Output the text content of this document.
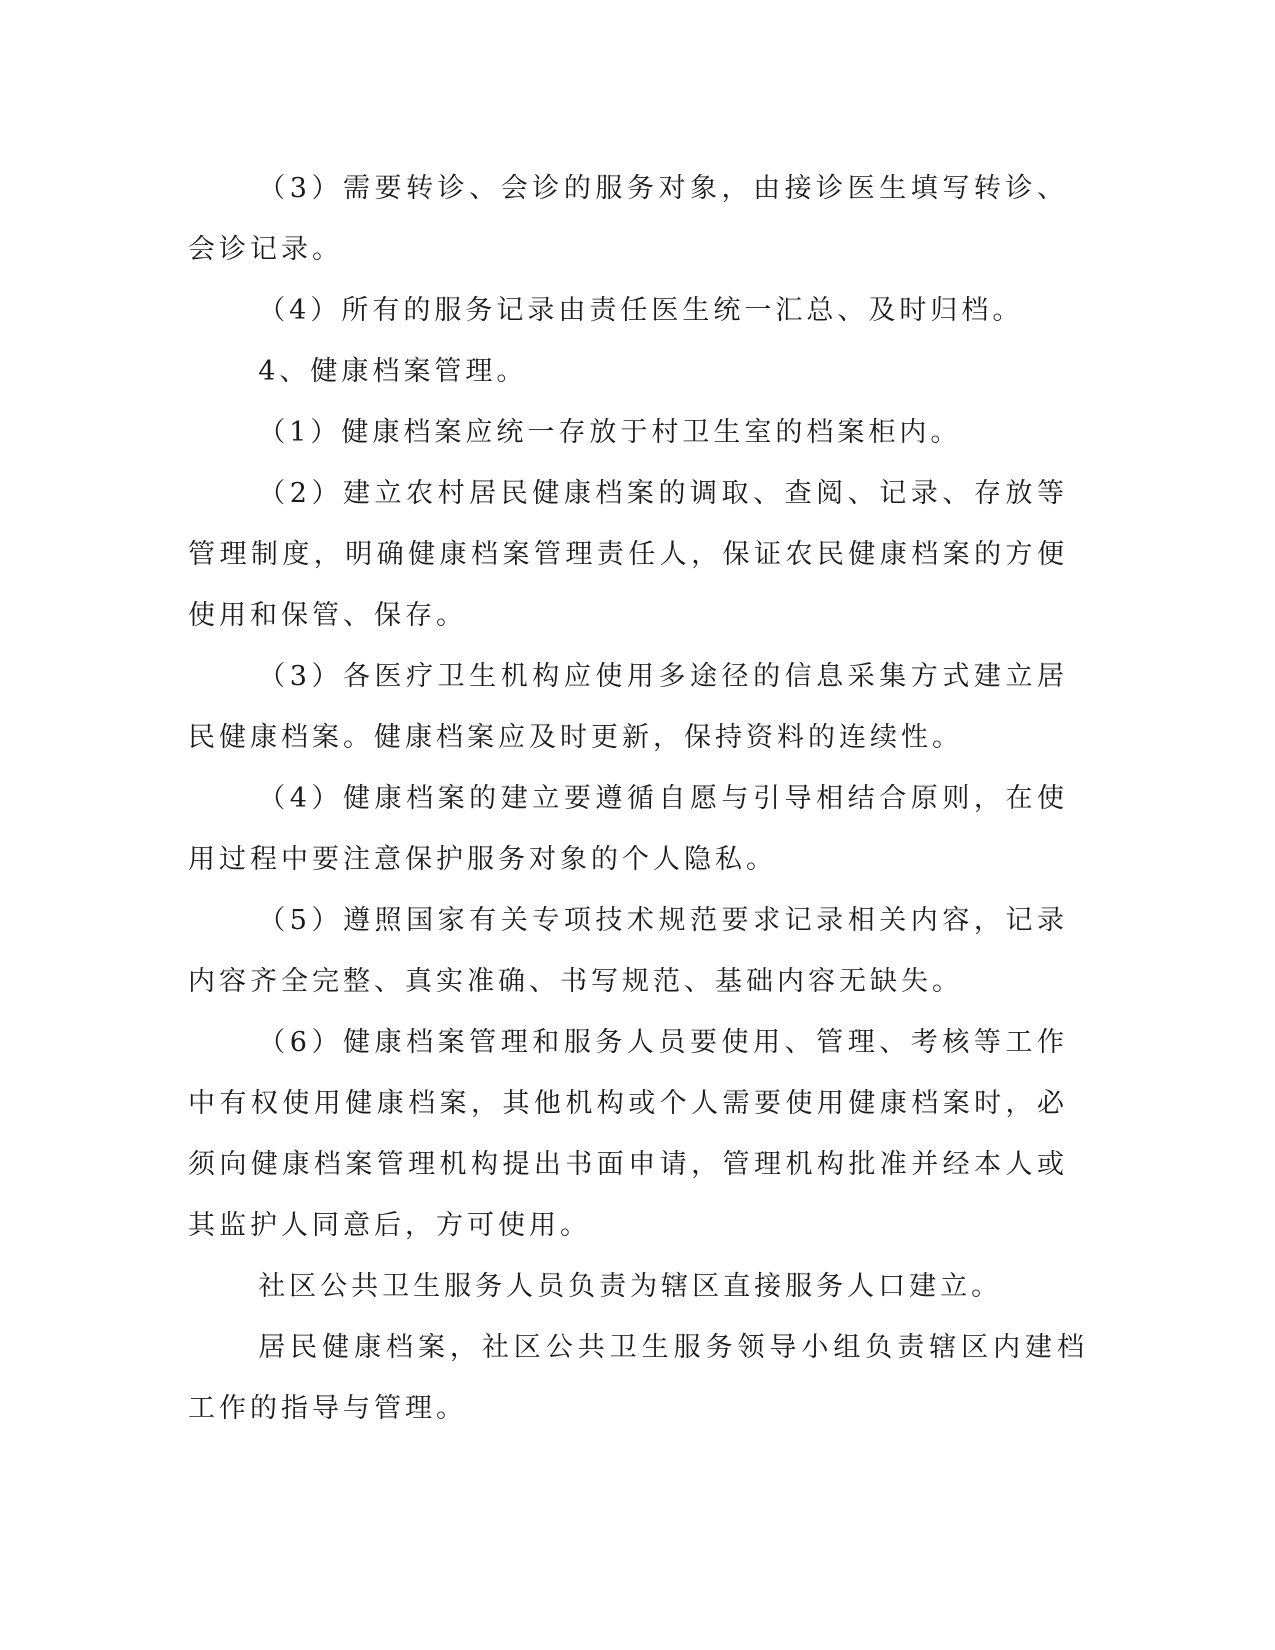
（3）需要转诊、会诊的服务对象，由接诊医生填写转诊、会诊记录。

（4）所有的服务记录由责任医生统一汇总、及时归档。

4、健康档案管理。

（1）健康档案应统一存放于村卫生室的档案柜内。

（2）建立农村居民健康档案的调取、查阅、记录、存放等管理制度，明确健康档案管理责任人，保证农民健康档案的方便使用和保管、保存。

（3）各医疗卫生机构应使用多途径的信息采集方式建立居民健康档案。健康档案应及时更新，保持资料的连续性。

（4）健康档案的建立要遵循自愿与引导相结合原则，在使用过程中要注意保护服务对象的个人隐私。

（5）遵照国家有关专项技术规范要求记录相关内容，记录内容齐全完整、真实准确、书写规范、基础内容无缺失。

（6）健康档案管理和服务人员要使用、管理、考核等工作中有权使用健康档案，其他机构或个人需要使用健康档案时，必须向健康档案管理机构提出书面申请，管理机构批准并经本人或其监护人同意后，方可使用。

社区公共卫生服务人员负责为辖区直接服务人口建立。

居民健康档案，社区公共卫生服务领导小组负责辖区内建档工作的指导与管理。
